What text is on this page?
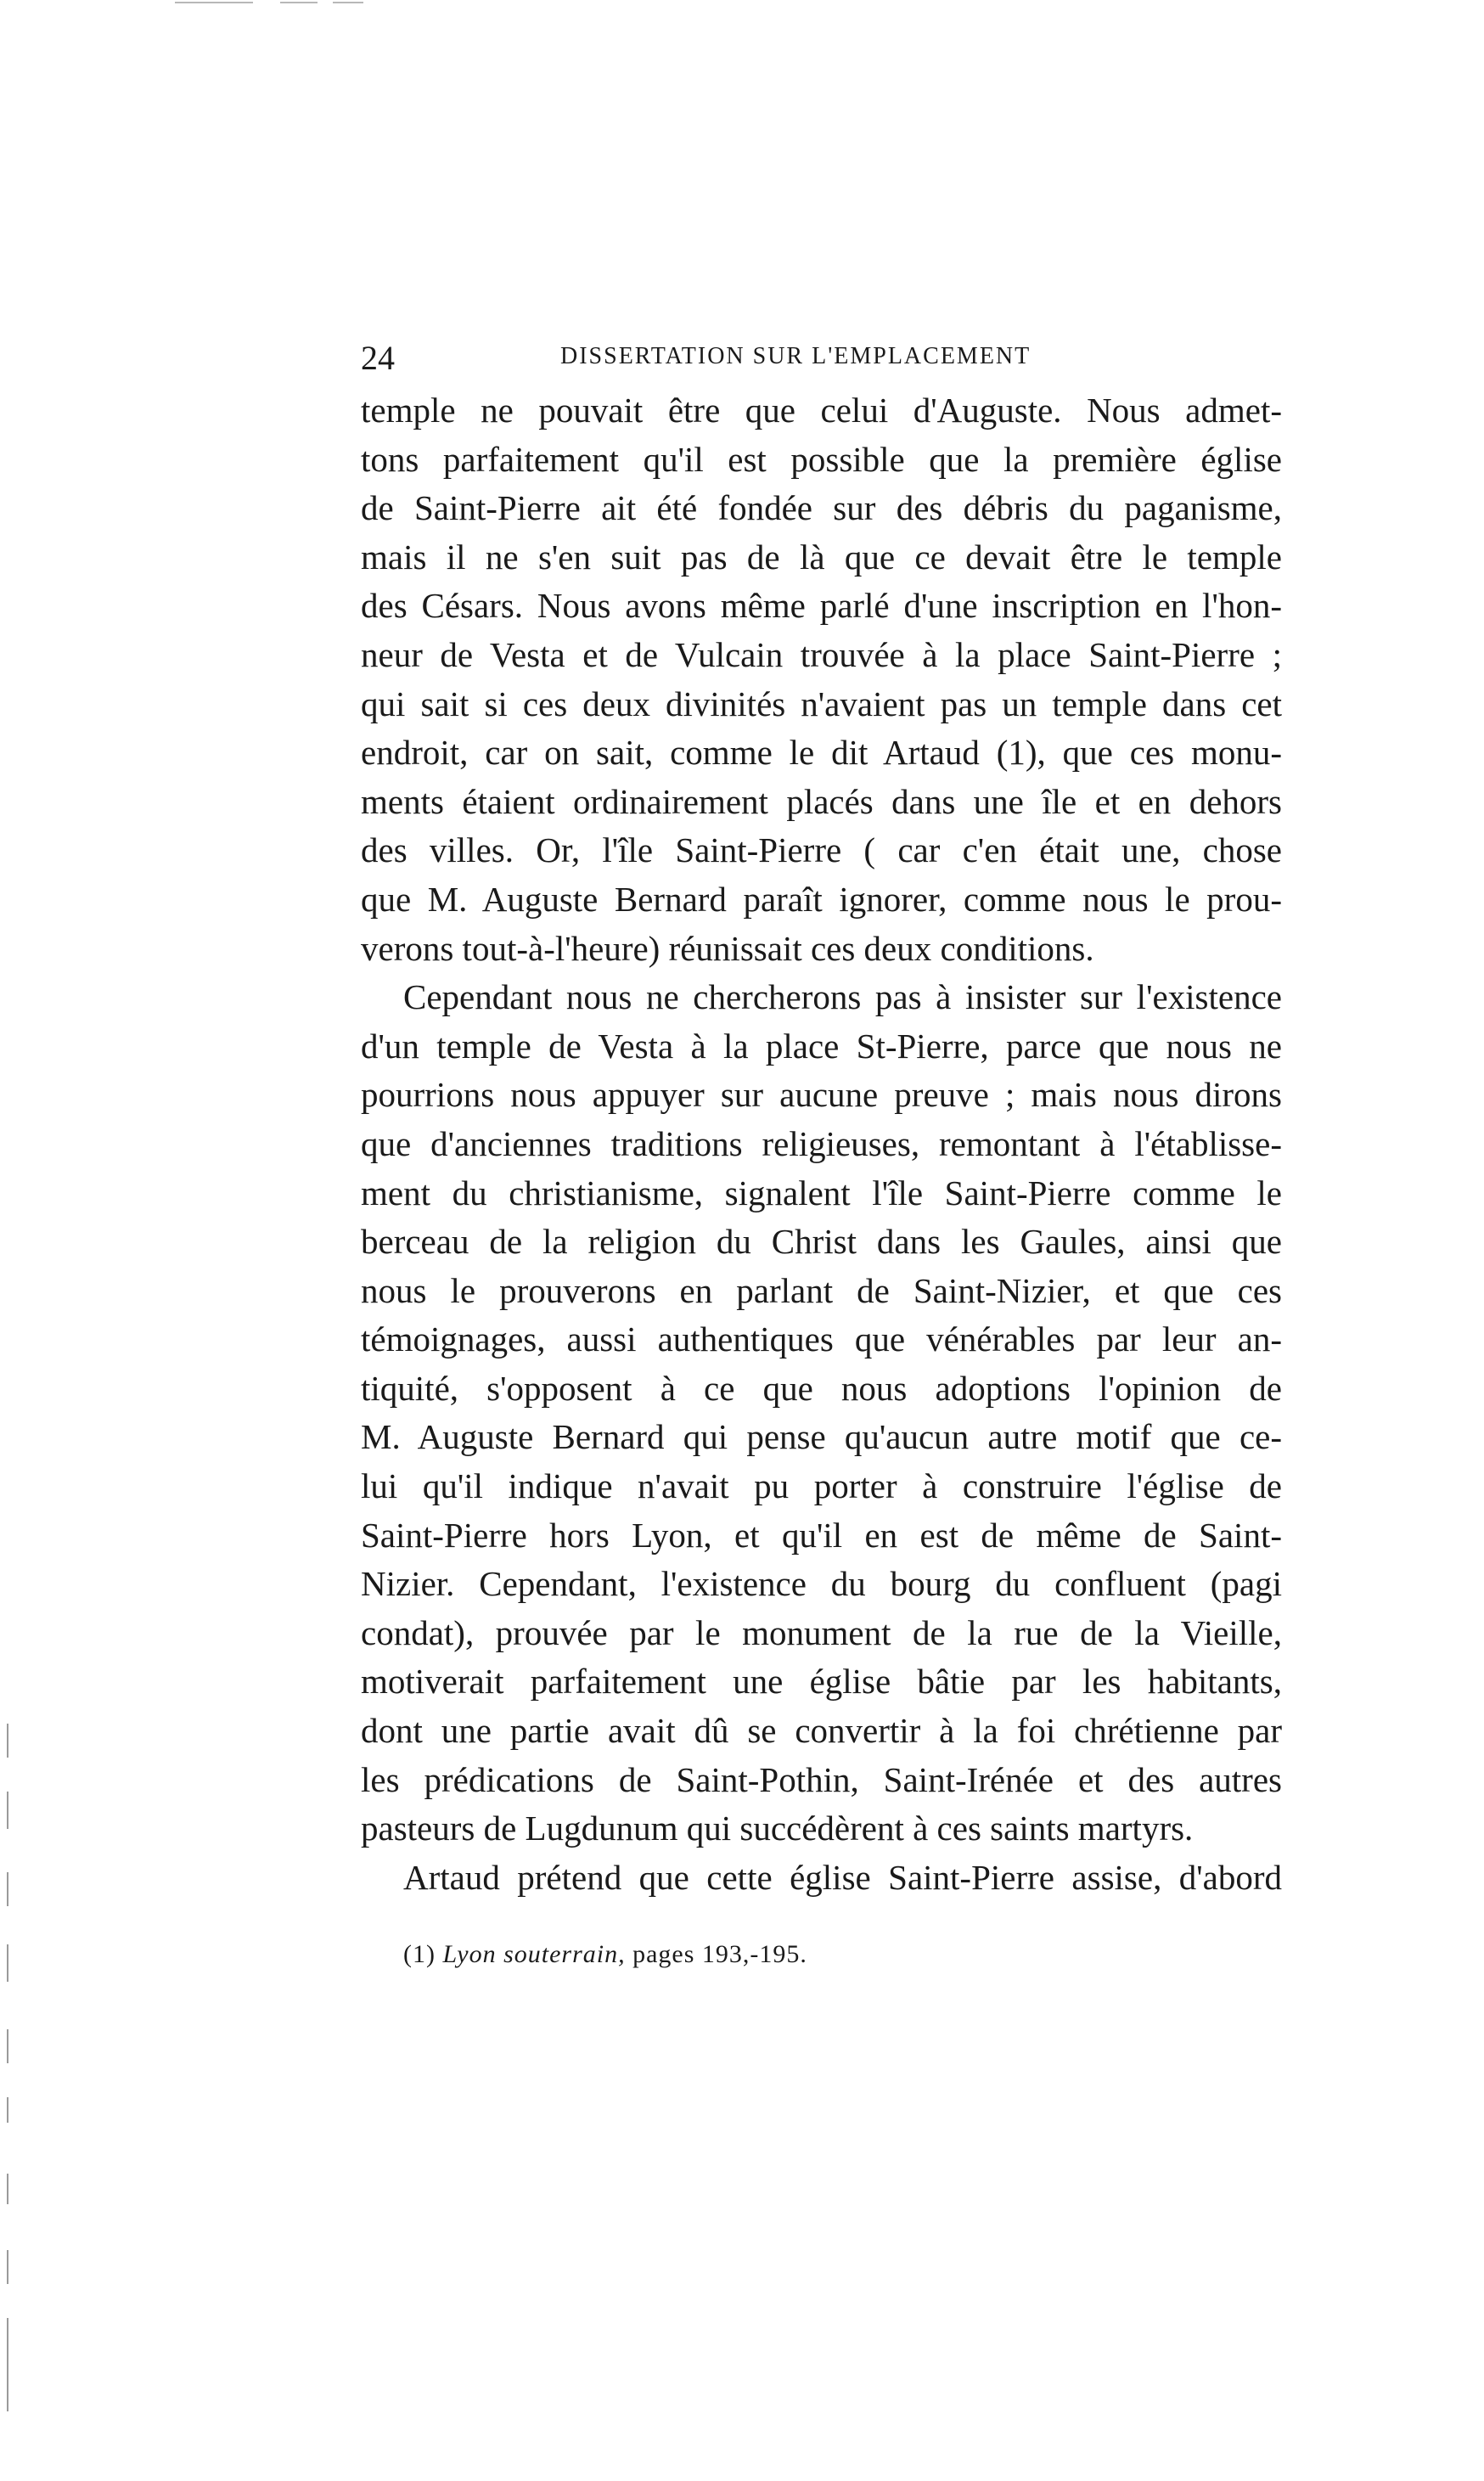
24	DISSERTATION SUR L'EMPLACEMENT
temple ne pouvait être que celui d'Auguste. Nous admet-
tons parfaitement qu'il est possible que la première église
de Saint-Pierre ait été fondée sur des débris du paganisme,
mais il ne s'en suit pas de là que ce devait être le temple
des Césars. Nous avons même parlé d'une inscription en l'hon-
neur de Vesta et de Vulcain trouvée à la place Saint-Pierre ;
qui sait si ces deux divinités n'avaient pas un temple dans cet
endroit, car on sait, comme le dit Artaud (1), que ces monu-
ments étaient ordinairement placés dans une île et en dehors
des villes. Or, l'île Saint-Pierre ( car c'en était une, chose
que M. Auguste Bernard paraît ignorer, comme nous le prou-
verons tout-à-l'heure) réunissait ces deux conditions.
Cependant nous ne chercherons pas à insister sur l'existence
d'un temple de Vesta à la place St-Pierre, parce que nous ne
pourrions nous appuyer sur aucune preuve ; mais nous dirons
que d'anciennes traditions religieuses, remontant à l'établisse-
ment du christianisme, signalent l'île Saint-Pierre comme le
berceau de la religion du Christ dans les Gaules, ainsi que
nous le prouverons en parlant de Saint-Nizier, et que ces
témoignages, aussi authentiques que vénérables par leur an-
tiquité, s'opposent à ce que nous adoptions l'opinion de
M. Auguste Bernard qui pense qu'aucun autre motif que ce-
lui qu'il indique n'avait pu porter à construire l'église de
Saint-Pierre hors Lyon, et qu'il en est de même de Saint-
Nizier. Cependant, l'existence du bourg du confluent (pagi
condat), prouvée par le monument de la rue de la Vieille,
motiverait parfaitement une église bâtie par les habitants,
dont une partie avait dû se convertir à la foi chrétienne par
les prédications de Saint-Pothin, Saint-Irénée et des autres
pasteurs de Lugdunum qui succédèrent à ces saints martyrs.
Artaud prétend que cette église Saint-Pierre assise, d'abord
(1) Lyon souterrain, pages 193,-195.
